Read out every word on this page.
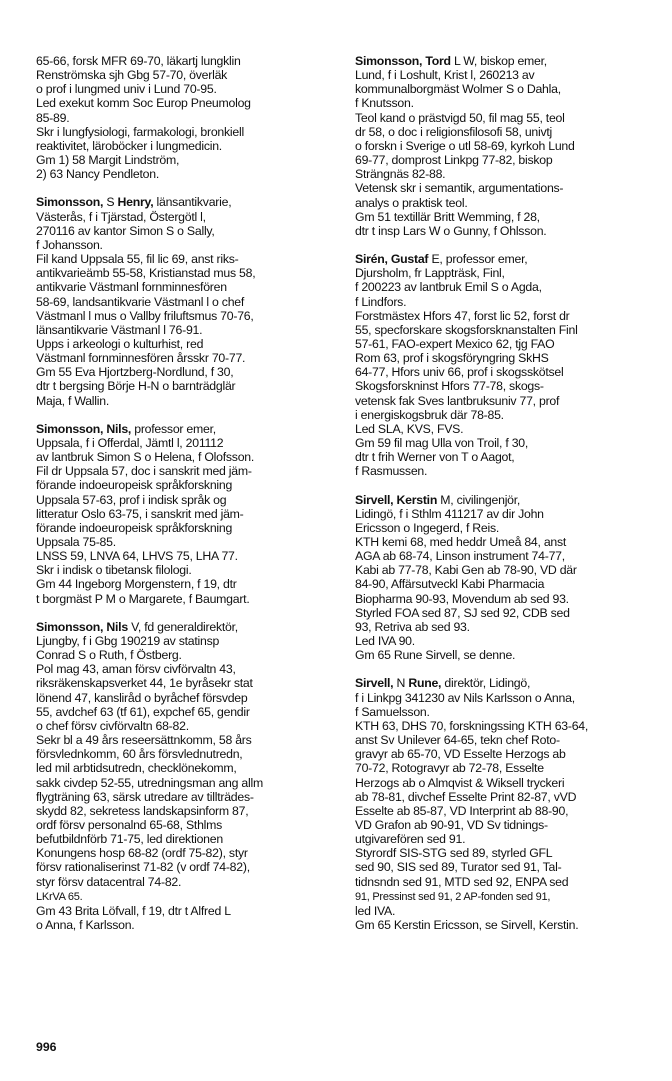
65-66, forsk MFR 69-70, läkartj lungklin
Renströmska sjh Gbg 57-70, överläk
o prof i lungmed univ i Lund 70-95.
Led exekut komm Soc Europ Pneumolog
85-89.
Skr i lungfysiologi, farmakologi, bronkiell
reaktivitet, läroböcker i lungmedicin.
Gm 1) 58 Margit Lindström,
2) 63 Nancy Pendleton.
Simonsson, S Henry, länsantikvarie,
Västerås, f i Tjärstad, Östergötl l,
270116 av kantor Simon S o Sally,
f Johansson.
Fil kand Uppsala 55, fil lic 69, anst riks-
antikvarieämb 55-58, Kristianstad mus 58,
antikvarie Västmanl fornminnesfören
58-69, landsantikvarie Västmanl l o chef
Västmanl l mus o Vallby friluftsmus 70-76,
länsantikvarie Västmanl l 76-91.
Upps i arkeologi o kulturhist, red
Västmanl fornminnesfören årsskr 70-77.
Gm 55 Eva Hjortzberg-Nordlund, f 30,
dtr t bergsing Börje H-N o barnträdglär
Maja, f Wallin.
Simonsson, Nils, professor emer,
Uppsala, f i Offerdal, Jämtl l, 201112
av lantbruk Simon S o Helena, f Olofsson.
Fil dr Uppsala 57, doc i sanskrit med jäm-
förande indoeuropeisk språkforskning
Uppsala 57-63, prof i indisk språk og
litteratur Oslo 63-75, i sanskrit med jäm-
förande indoeuropeisk språkforskning
Uppsala 75-85.
LNSS 59, LNVA 64, LHVS 75, LHA 77.
Skr i indisk o tibetansk filologi.
Gm 44 Ingeborg Morgenstern, f 19, dtr
t borgmäst P M o Margarete, f Baumgart.
Simonsson, Nils V, fd generaldirektör,
Ljungby, f i Gbg 190219 av statinsp
Conrad S o Ruth, f Östberg.
Pol mag 43, aman försv civförvaltn 43,
riksräkenskapsverket 44, 1e byråsekr stat
lönend 47, kansliråd o byråchef försvdep
55, avdchef 63 (tf 61), expchef 65, gendir
o chef försv civförvaltn 68-82.
Sekr bl a 49 års reseersättnkomm, 58 års
försvlednkomm, 60 års försvlednutredn,
led mil arbtidsutredn, checklönekomm,
sakk civdep 52-55, utredningsman ang allm
flygträning 63, särsk utredare av tillträdes-
skydd 82, sekretess landskapsinform 87,
ordf försv personalnd 65-68, Sthlms
befutbildnförb 71-75, led direktionen
Konungens hosp 68-82 (ordf 75-82), styr
försv rationaliserinst 71-82 (v ordf 74-82),
styr försv datacentral 74-82.
LKrVA 65.
Gm 43 Brita Löfvall, f 19, dtr t Alfred L
o Anna, f Karlsson.
Simonsson, Tord L W, biskop emer,
Lund, f i Loshult, Krist l, 260213 av
kommunalborgmäst Wolmer S o Dahla,
f Knutsson.
Teol kand o prästvigd 50, fil mag 55, teol
dr 58, o doc i religionsfilosofi 58, univtj
o forskn i Sverige o utl 58-69, kyrkoh Lund
69-77, domprost Linkpg 77-82, biskop
Strängnäs 82-88.
Vetensk skr i semantik, argumentations-
analys o praktisk teol.
Gm 51 textillär Britt Wemming, f 28,
dtr t insp Lars W o Gunny, f Ohlsson.
Sirén, Gustaf E, professor emer,
Djursholm, fr Lappträsk, Finl,
f 200223 av lantbruk Emil S o Agda,
f Lindfors.
Forstmästex Hfors 47, forst lic 52, forst dr
55, specforskare skogsforsknanstalten Finl
57-61, FAO-expert Mexico 62, tjg FAO
Rom 63, prof i skogsföryngring SkHS
64-77, Hfors univ 66, prof i skogsskötsel
Skogsforskninst Hfors 77-78, skogs-
vetensk fak Sves lantbruksuniv 77, prof
i energiskogsbruk där 78-85.
Led SLA, KVS, FVS.
Gm 59 fil mag Ulla von Troil, f 30,
dtr t frih Werner von T o Aagot,
f Rasmussen.
Sirvell, Kerstin M, civilingenjör,
Lidingö, f i Sthlm 411217 av dir John
Ericsson o Ingegerd, f Reis.
KTH kemi 68, med heddr Umeå 84, anst
AGA ab 68-74, Linson instrument 74-77,
Kabi ab 77-78, Kabi Gen ab 78-90, VD där
84-90, Affärsutveckl Kabi Pharmacia
Biopharma 90-93, Movendum ab sed 93.
Styrled FOA sed 87, SJ sed 92, CDB sed
93, Retriva ab sed 93.
Led IVA 90.
Gm 65 Rune Sirvell, se denne.
Sirvell, N Rune, direktör, Lidingö,
f i Linkpg 341230 av Nils Karlsson o Anna,
f Samuelsson.
KTH 63, DHS 70, forskningssing KTH 63-64,
anst Sv Unilever 64-65, tekn chef Roto-
gravyr ab 65-70, VD Esselte Herzogs ab
70-72, Rotogravyr ab 72-78, Esselte
Herzogs ab o Almqvist & Wiksell tryckeri
ab 78-81, divchef Esselte Print 82-87, vVD
Esselte ab 85-87, VD Interprint ab 88-90,
VD Grafon ab 90-91, VD Sv tidnings-
utgivarefören sed 91.
Styrordf SIS-STG sed 89, styrled GFL
sed 90, SIS sed 89, Turator sed 91, Tal-
tidnsndn sed 91, MTD sed 92, ENPA sed
91, Pressinst sed 91, 2 AP-fonden sed 91,
led IVA.
Gm 65 Kerstin Ericsson, se Sirvell, Kerstin.
996
